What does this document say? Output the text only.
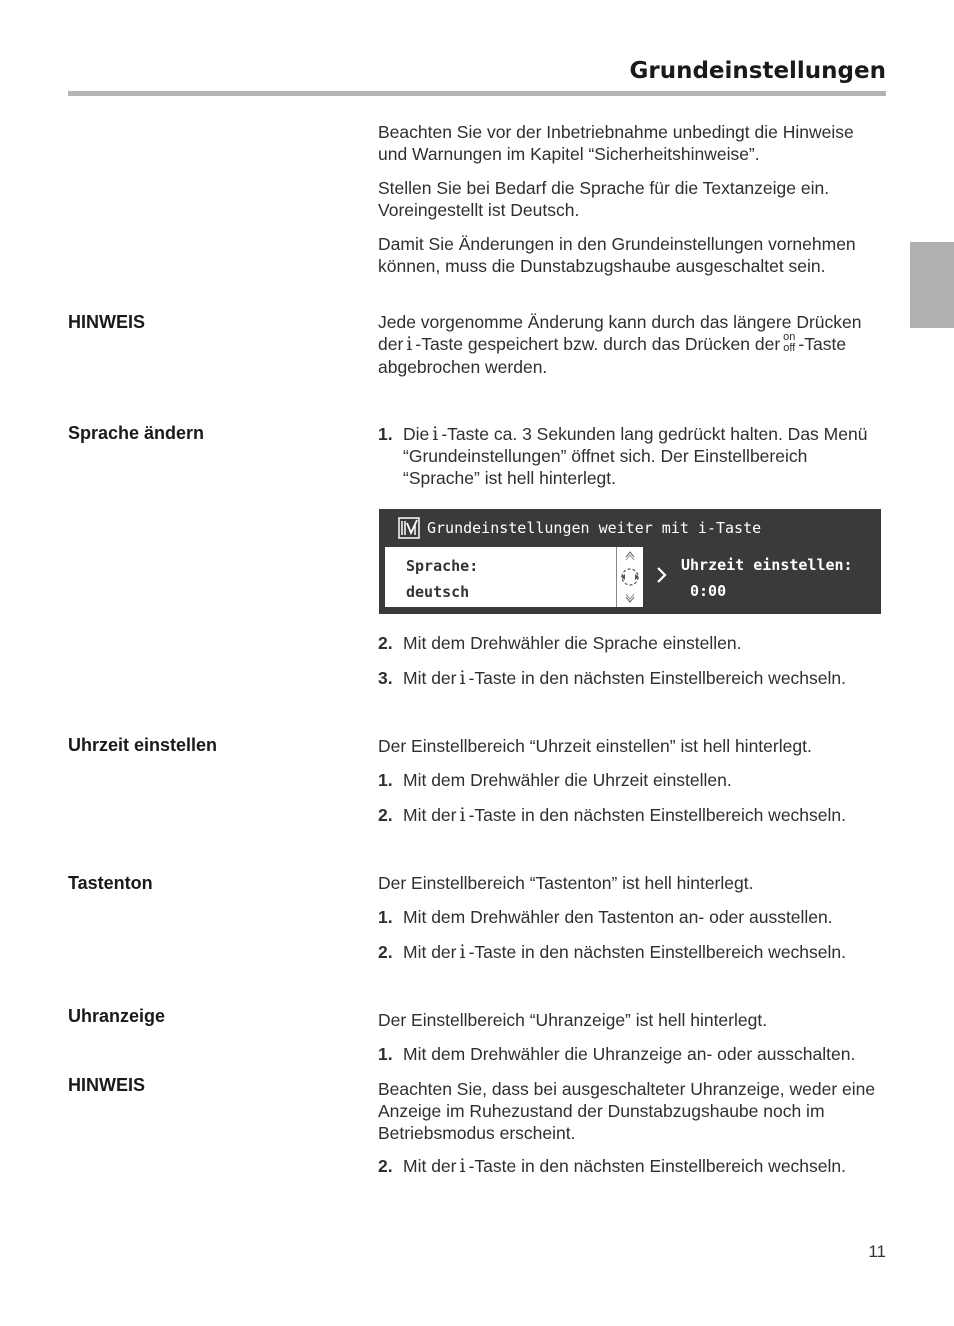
Grundeinstellungen

Beachten Sie vor der Inbetriebnahme unbedingt die Hinweise und Warnungen im Kapitel “Sicherheitshinweise”.

Stellen Sie bei Bedarf die Sprache für die Textanzeige ein. Voreingestellt ist Deutsch.

Damit Sie Änderungen in den Grundeinstellungen vornehmen können, muss die Dunstabzugshaube ausgeschaltet sein.

HINWEIS	Jede vorgenomme Änderung kann durch das längere Drücken der i -Taste gespeichert bzw. durch das Drücken der on
off -Taste abgebrochen werden.

Sprache ändern	1. Die i -Taste ca. 3 Sekunden lang gedrückt halten. Das Menü “Grundeinstellungen” öffnet sich. Der Einstellbereich “Sprache” ist hell hinterlegt.
Grundeinstellungen weiter mit i-Taste
Sprache:
deutsch
Uhrzeit einstellen:
0:00
2. Mit dem Drehwähler die Sprache einstellen.
3. Mit der i -Taste in den nächsten Einstellbereich wechseln.
Uhrzeit einstellen	Der Einstellbereich “Uhrzeit einstellen” ist hell hinterlegt.

1. Mit dem Drehwähler die Uhrzeit einstellen.
2. Mit der i -Taste in den nächsten Einstellbereich wechseln.
Tastenton	Der Einstellbereich “Tastenton” ist hell hinterlegt.

1. Mit dem Drehwähler den Tastenton an- oder ausstellen.
2. Mit der i -Taste in den nächsten Einstellbereich wechseln.
Uhranzeige	Der Einstellbereich “Uhranzeige” ist hell hinterlegt.

1. Mit dem Drehwähler die Uhranzeige an- oder ausschalten.
HINWEIS	Beachten Sie, dass bei ausgeschalteter Uhranzeige, weder eine Anzeige im Ruhezustand der Dunstabzugshaube noch im Betriebsmodus erscheint.

2. Mit der i -Taste in den nächsten Einstellbereich wechseln.
11
